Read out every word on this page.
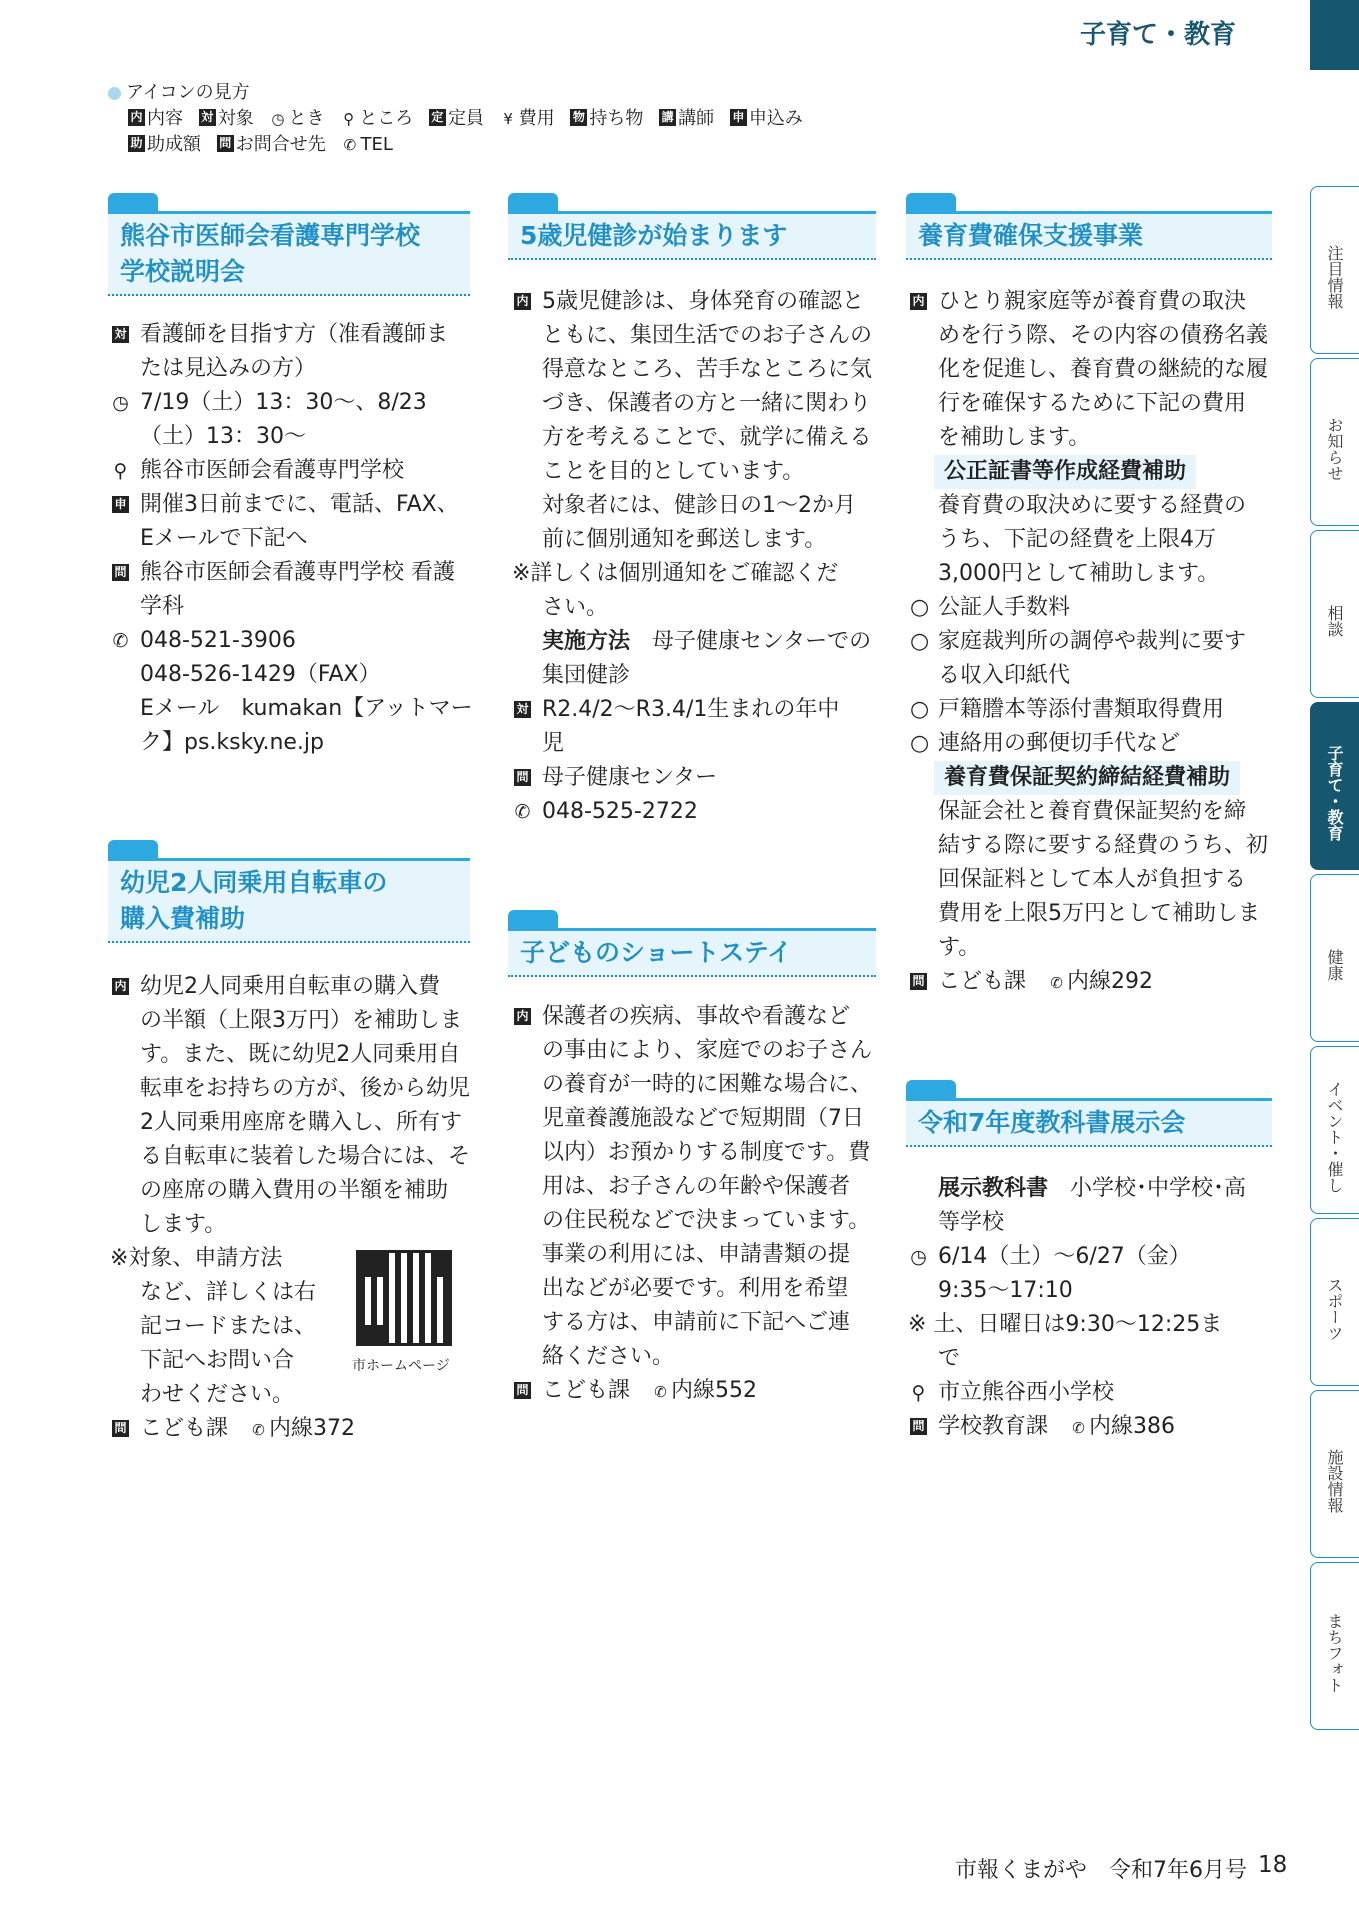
子育て・教育
アイコンの見方
内 内容 対 対象 ◷ とき ⚲ ところ 定 定員 ¥ 費用 物 持ち物 講 講師 申 申込み
助 助成額 問 お問合せ先 ✆ TEL
熊谷市医師会看護専門学校
学校説明会
対 看護師を目指す方（准看護師ま
たは見込みの方）
◷ 7/19（土）13：30～、8/23
（土）13：30～
⚲ 熊谷市医師会看護専門学校
申 開催3日前までに、電話、FAX、
Eメールで下記へ
問 熊谷市医師会看護専門学校 看護
学科
✆ 048-521-3906
048-526-1429（FAX）
Eメール　kumakan【アットマー
ク】ps.ksky.ne.jp
幼児2人同乗用自転車の
購入費補助
内 幼児2人同乗用自転車の購入費
の半額（上限3万円）を補助しま
す。また、既に幼児2人同乗用自
転車をお持ちの方が、後から幼児
2人同乗用座席を購入し、所有す
る自転車に装着した場合には、そ
の座席の購入費用の半額を補助
します。
※対象、申請方法
など、詳しくは右
記コードまたは、
下記へお問い合
わせください。
問 こども課　 ✆ 内線372
市ホームページ
5歳児健診が始まります
内 5歳児健診は、身体発育の確認と
ともに、集団生活でのお子さんの
得意なところ、苦手なところに気
づき、保護者の方と一緒に関わり
方を考えることで、就学に備える
ことを目的としています。
対象者には、健診日の1～2か月
前に個別通知を郵送します。
※詳しくは個別通知をご確認くだ
さい。
実施方法　 母子健康センターでの
集団健診
対 R2.4/2～R3.4/1生まれの年中
児
問 母子健康センター
✆ 048-525-2722
子どものショートステイ
内 保護者の疾病、事故や看護など
の事由により、家庭でのお子さん
の養育が一時的に困難な場合に、
児童養護施設などで短期間（7日
以内）お預かりする制度です。費
用は、お子さんの年齢や保護者
の住民税などで決まっています。
事業の利用には、申請書類の提
出などが必要です。利用を希望
する方は、申請前に下記へご連
絡ください。
問 こども課　 ✆ 内線552
養育費確保支援事業
内 ひとり親家庭等が養育費の取決
めを行う際、その内容の債務名義
化を促進し、養育費の継続的な履
行を確保するために下記の費用
を補助します。
公正証書等作成経費補助
養育費の取決めに要する経費の
うち、下記の経費を上限4万
3,000円として補助します。
○ 公証人手数料
○ 家庭裁判所の調停や裁判に要す
る収入印紙代
○ 戸籍謄本等添付書類取得費用
○ 連絡用の郵便切手代など
養育費保証契約締結経費補助
保証会社と養育費保証契約を締
結する際に要する経費のうち、初
回保証料として本人が負担する
費用を上限5万円として補助しま
す。
問 こども課　 ✆ 内線292
令和7年度教科書展示会
展示教科書　 小学校･中学校･高
等学校
◷ 6/14（土）～6/27（金）
9:35～17:10
※ 土、日曜日は9:30～12:25ま
で
⚲ 市立熊谷西小学校
問 学校教育課　 ✆ 内線386
注目情報
お知らせ
相談
子育て・教育
健康
イベント・催し
スポーツ
施設情報
まちフォト
市報くまがや　令和7年6月号 18
